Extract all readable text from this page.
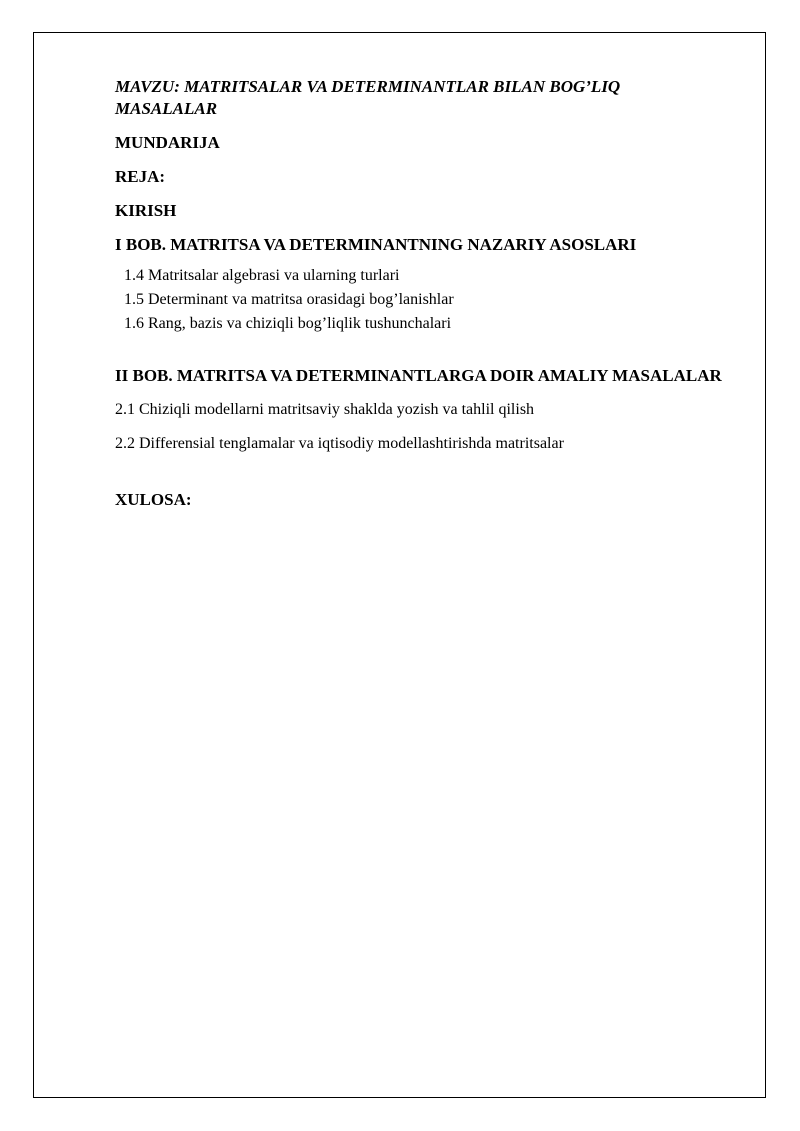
MAVZU: MATRITSALAR VA DETERMINANTLAR BILAN BOG’LIQ MASALALAR
MUNDARIJA
REJA:
KIRISH
I BOB. MATRITSA VA DETERMINANTNING NAZARIY ASOSLARI
1.4 Matritsalar algebrasi va ularning turlari
1.5 Determinant va matritsa orasidagi bog’lanishlar
1.6 Rang, bazis va chiziqli bog’liqlik tushunchalari
II BOB. MATRITSA VA DETERMINANTLARGA DOIR AMALIY MASALALAR
2.1 Chiziqli modellarni matritsaviy shaklda yozish va tahlil qilish
2.2 Differensial tenglamalar va iqtisodiy modellashtirishda matritsalar
XULOSA:
